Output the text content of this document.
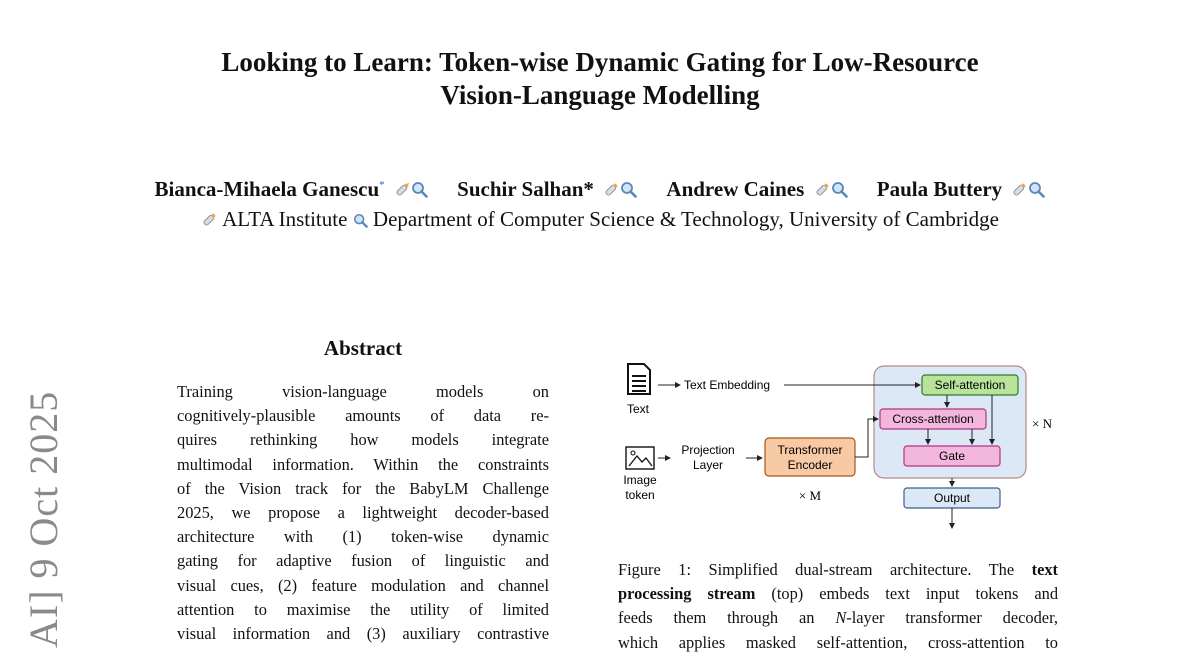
AI] 9 Oct 2025
Looking to Learn: Token-wise Dynamic Gating for Low-Resource
Vision-Language Modelling
Bianca-Mihaela Ganescu*	Suchir Salhan*	Andrew Caines	Paula Buttery
ALTA Institute Department of Computer Science & Technology, University of Cambridge
Abstract
Training vision-language models on
cognitively-plausible amounts of data re-
quires rethinking how models integrate
multimodal information. Within the constraints
of the Vision track for the BabyLM Challenge
2025, we propose a lightweight decoder-based
architecture with (1) token-wise dynamic
gating for adaptive fusion of linguistic and
visual cues, (2) feature modulation and channel
attention to maximise the utility of limited
visual information and (3) auxiliary contrastive
Text
Text Embedding	Self-attention
Cross-attention
Gate
× N
Output
Image
token
Projection
Layer
Transformer
Encoder
× M
Figure 1: Simplified dual-stream architecture. The text
processing stream (top) embeds text input tokens and
feeds them through an N-layer transformer decoder,
which applies masked self-attention, cross-attention to
